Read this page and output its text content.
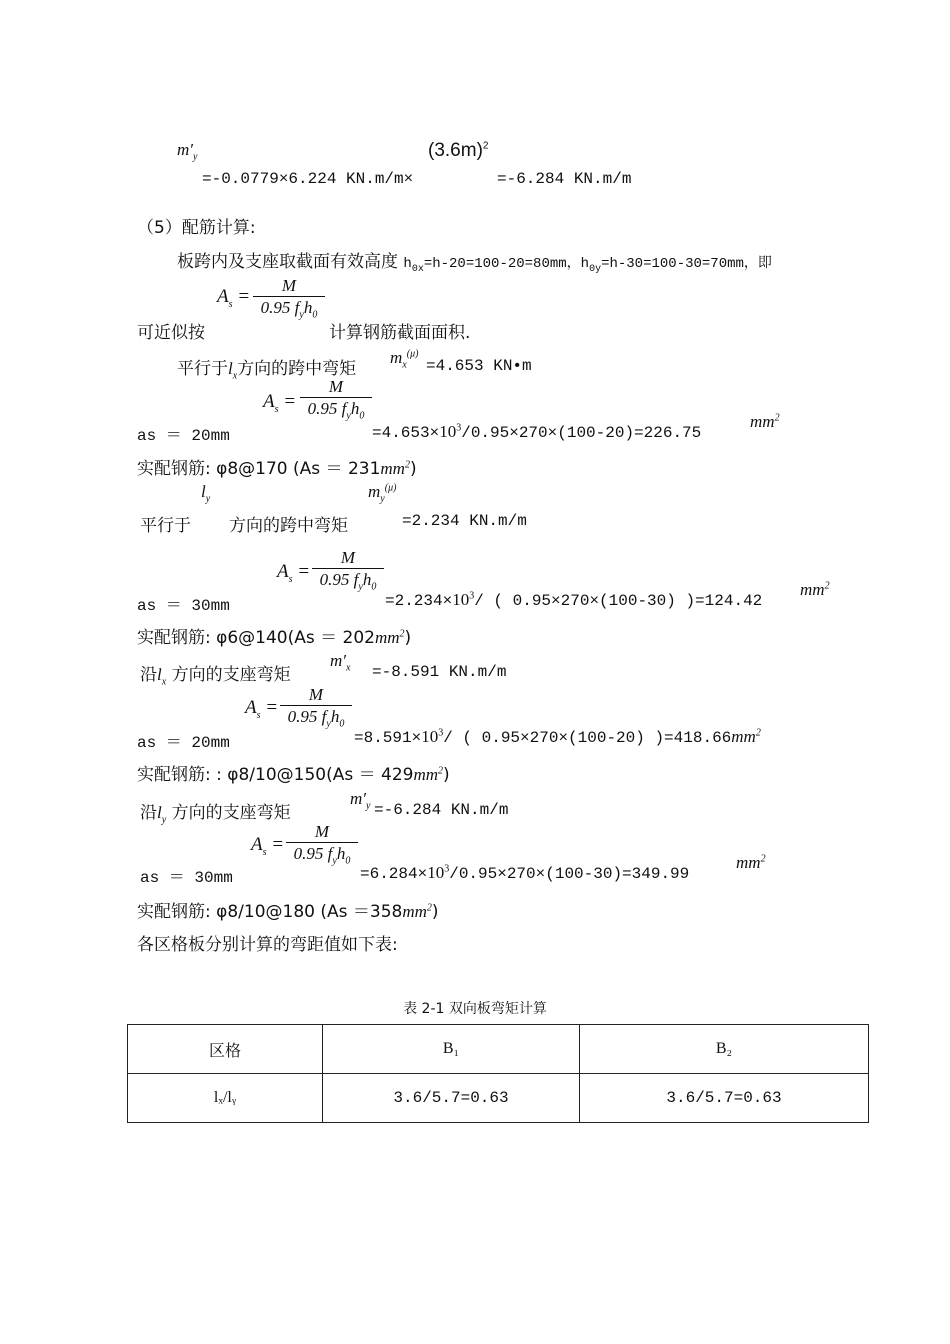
$m'_y$	$(3.6m)^2$
=-0.0779×6.224 KN.m/m×	=-6.284 KN.m/m
（5）配筋计算:
板跨内及支座取截面有效高度 $h_{0x}=h-20=100-20=80mm$，$h_{0y}=h-30=100-30=70mm$，即
$A_s$ =
M
0.95 $f_yh_0$
可近似按	计算钢筋截面面积.
平行于$l_x$方向的跨中弯矩
$m_x^{(\mu)}$
=4.653 KN•m
$A_s$ =
M
0.95 $f_yh_0$
as ＝ 20mm	$=4.653\times 10^3/0.95\times 270\times(100-20)=226.75$
$mm^2$
实配钢筋: φ8@170 $(As = 231mm^2)$
$l_y$	$m_y^{(\mu)}$
平行于 方向的跨中弯矩	=2.234 KN.m/m
$A_s$ =
M
0.95 $f_yh_0$
as ＝ 30mm	$=2.234\times 10^3/$ ( 0.95×270×(100-30) )=124.42
$mm^2$
实配钢筋: φ6@140(As ＝ $202mm^2$)
沿$l_x$ 方向的支座弯矩
$m'_x =-8.591$ KN.m/m
$A_s$ =
M
0.95 $f_yh_0$
as ＝ 20mm	$=8.591\times 10^3/$ ( 0.95×270×(100-20) )$=418.66mm^2$
实配钢筋: : φ8/10@150(As ＝ $429mm^2$)
沿$l_y$ 方向的支座弯矩
$m'_y =-6.284$ KN.m/m
$A_s$ =
M
0.95 $f_yh_0$
as ＝ 30mm	$=6.284\times 10^3/0.95\times 270\times(100-30)=349.99$
$mm^2$
实配钢筋: φ8/10@180 $(As =358mm^2)$
各区格板分别计算的弯距值如下表:
表 2-1 双向板弯矩计算
区格	B₁	B₂
lₓ/lᵧ	3.6/5.7=0.63	3.6/5.7=0.63
